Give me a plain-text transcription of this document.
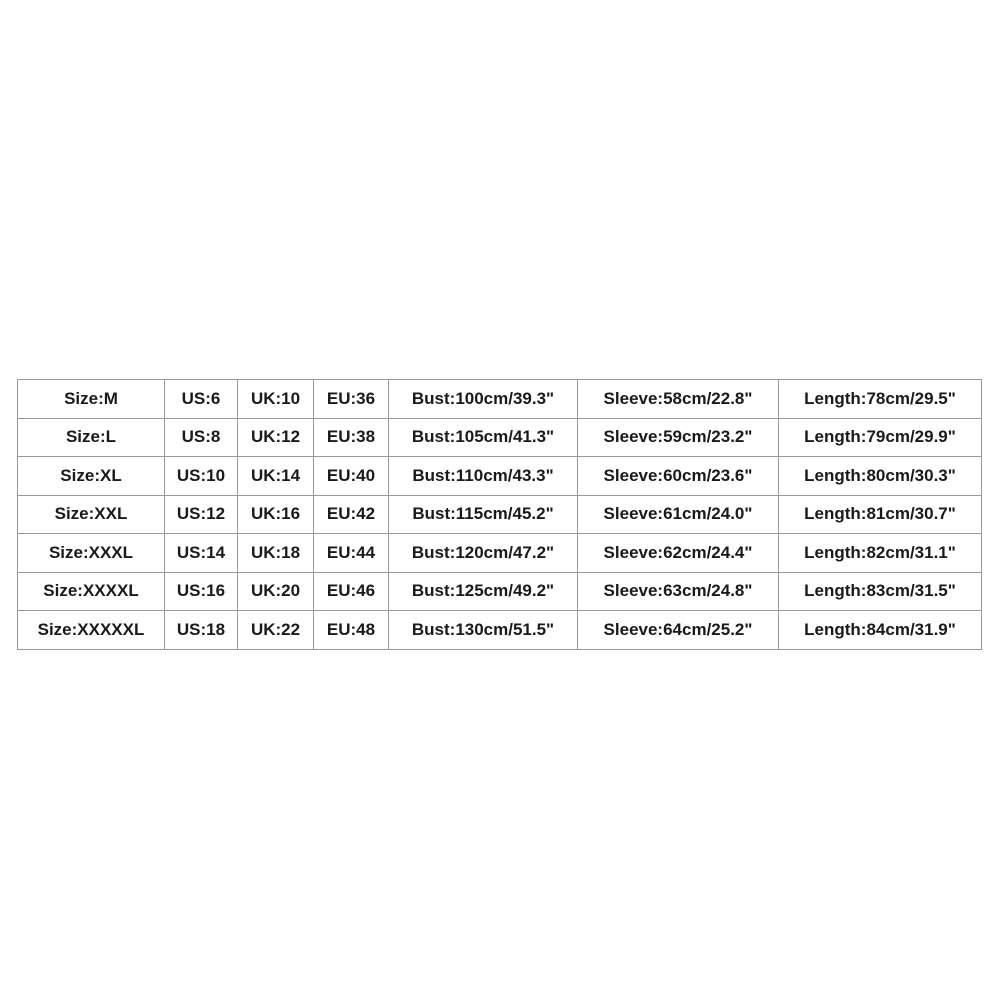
Size:M	US:6	UK:10	EU:36	Bust:100cm/39.3"	Sleeve:58cm/22.8"	Length:78cm/29.5"
Size:L	US:8	UK:12	EU:38	Bust:105cm/41.3"	Sleeve:59cm/23.2"	Length:79cm/29.9"
Size:XL	US:10	UK:14	EU:40	Bust:110cm/43.3"	Sleeve:60cm/23.6"	Length:80cm/30.3"
Size:XXL	US:12	UK:16	EU:42	Bust:115cm/45.2"	Sleeve:61cm/24.0"	Length:81cm/30.7"
Size:XXXL	US:14	UK:18	EU:44	Bust:120cm/47.2"	Sleeve:62cm/24.4"	Length:82cm/31.1"
Size:XXXXL	US:16	UK:20	EU:46	Bust:125cm/49.2"	Sleeve:63cm/24.8"	Length:83cm/31.5"
Size:XXXXXL	US:18	UK:22	EU:48	Bust:130cm/51.5"	Sleeve:64cm/25.2"	Length:84cm/31.9"
